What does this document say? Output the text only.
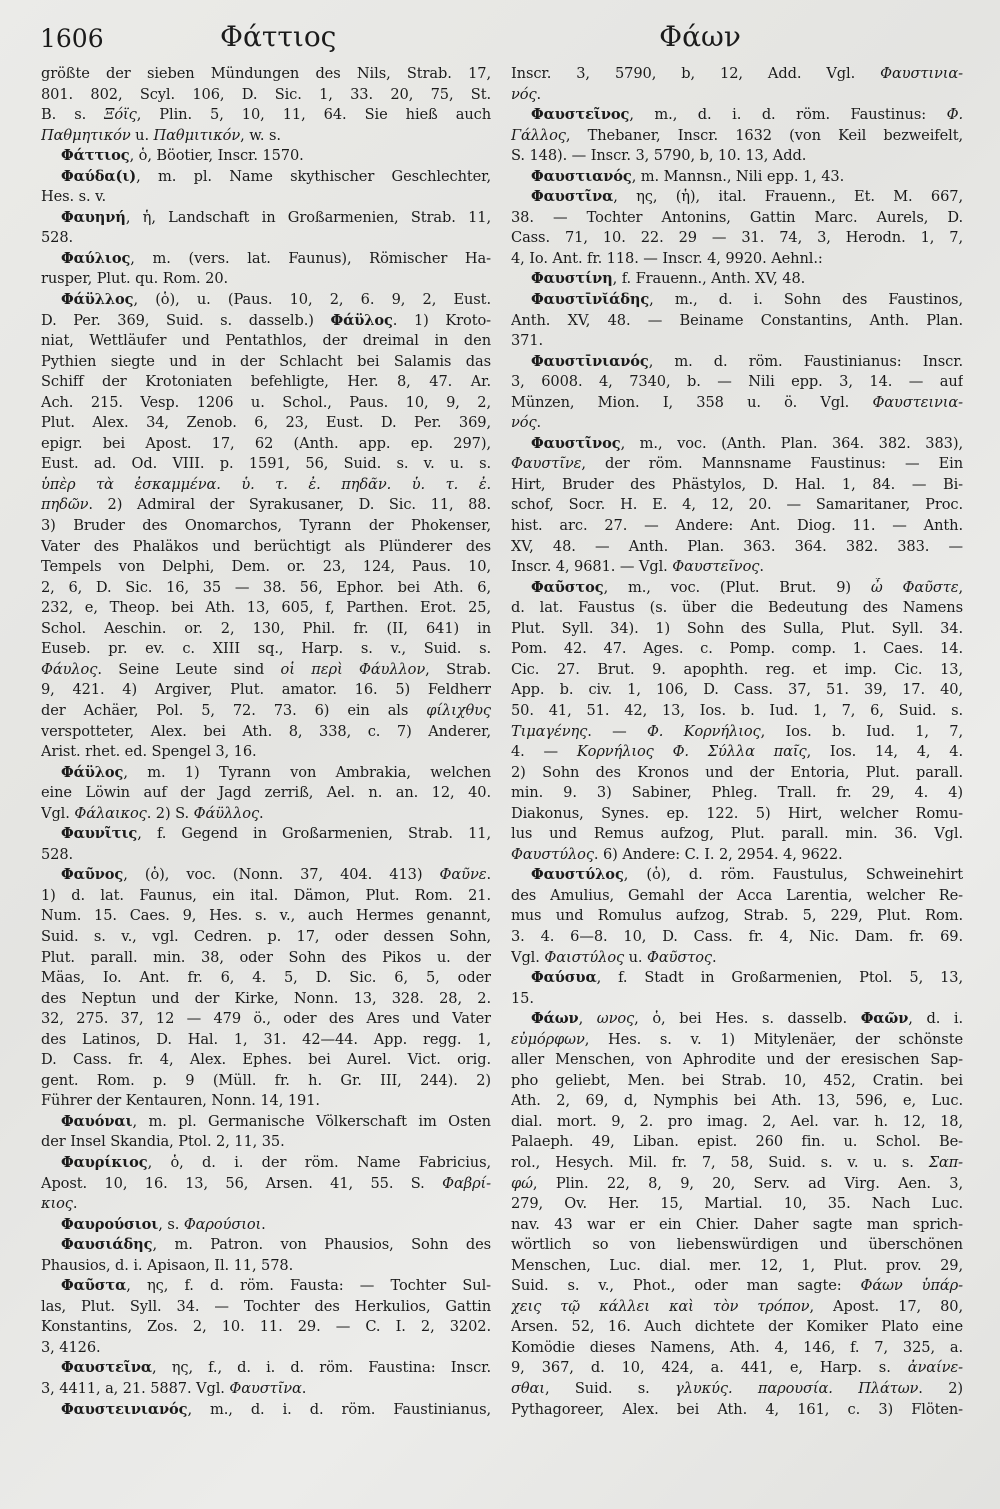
1606	Φάττιος	Φάων
größte der sieben Mündungen des Nils, Strab. 17,
801. 802, Scyl. 106, D. Sic. 1, 33. 20, 75, St.
B. s. Ξόϊς, Plin. 5, 10, 11, 64. Sie hieß auch
Παθμητικόν u. Παθμιτικόν, w. s.
Φάττιος, ὁ, Böotier, Inscr. 1570.
Φαύδα(ι), m. pl. Name skythischer Geschlechter,
Hes. s. v.
Φαυηνή, ἡ, Landschaft in Großarmenien, Strab. 11,
528.
Φαύλιος, m. (vers. lat. Faunus), Römischer Ha-
rusper, Plut. qu. Rom. 20.
Φάϋλλος, (ὁ), u. (Paus. 10, 2, 6. 9, 2, Eust.
D. Per. 369, Suid. s. dasselb.) Φάϋλος. 1) Kroto-
niat, Wettläufer und Pentathlos, der dreimal in den
Pythien siegte und in der Schlacht bei Salamis das
Schiff der Krotoniaten befehligte, Her. 8, 47. Ar.
Ach. 215. Vesp. 1206 u. Schol., Paus. 10, 9, 2,
Plut. Alex. 34, Zenob. 6, 23, Eust. D. Per. 369,
epigr. bei Apost. 17, 62 (Anth. app. ep. 297),
Eust. ad. Od. VIII. p. 1591, 56, Suid. s. v. u. s.
ὑπὲρ τὰ ἐσκαμμένα. ὑ. τ. ἐ. πηδᾶν. ὑ. τ. ἐ.
πηδῶν. 2) Admiral der Syrakusaner, D. Sic. 11, 88.
3) Bruder des Onomarchos, Tyrann der Phokenser,
Vater des Phaläkos und berüchtigt als Plünderer des
Tempels von Delphi, Dem. or. 23, 124, Paus. 10,
2, 6, D. Sic. 16, 35 — 38. 56, Ephor. bei Ath. 6,
232, e, Theop. bei Ath. 13, 605, f, Parthen. Erot. 25,
Schol. Aeschin. or. 2, 130, Phil. fr. (II, 641) in
Euseb. pr. ev. c. XIII sq., Harp. s. v., Suid. s.
Φάυλος. Seine Leute sind οἱ περὶ Φάυλλον, Strab.
9, 421. 4) Argiver, Plut. amator. 16. 5) Feldherr
der Achäer, Pol. 5, 72. 73. 6) ein als φίλιχθυς
verspotteter, Alex. bei Ath. 8, 338, c. 7) Anderer,
Arist. rhet. ed. Spengel 3, 16.
Φάϋλος, m. 1) Tyrann von Ambrakia, welchen
eine Löwin auf der Jagd zerriß, Ael. n. an. 12, 40.
Vgl. Φάλαικος. 2) S. Φάϋλλος.
Φαυνῖτις, f. Gegend in Großarmenien, Strab. 11,
528.
Φαῦνος, (ὁ), voc. (Nonn. 37, 404. 413) Φαῦνε.
1) d. lat. Faunus, ein ital. Dämon, Plut. Rom. 21.
Num. 15. Caes. 9, Hes. s. v., auch Hermes genannt,
Suid. s. v., vgl. Cedren. p. 17, oder dessen Sohn,
Plut. parall. min. 38, oder Sohn des Pikos u. der
Mäas, Io. Ant. fr. 6, 4. 5, D. Sic. 6, 5, oder
des Neptun und der Kirke, Nonn. 13, 328. 28, 2.
32, 275. 37, 12 — 479 ö., oder des Ares und Vater
des Latinos, D. Hal. 1, 31. 42—44. App. regg. 1,
D. Cass. fr. 4, Alex. Ephes. bei Aurel. Vict. orig.
gent. Rom. p. 9 (Müll. fr. h. Gr. III, 244). 2)
Führer der Kentauren, Nonn. 14, 191.
Φαυόναι, m. pl. Germanische Völkerschaft im Osten
der Insel Skandia, Ptol. 2, 11, 35.
Φαυρίκιος, ὁ, d. i. der röm. Name Fabricius,
Apost. 10, 16. 13, 56, Arsen. 41, 55. S. Φαβρί-
κιος.
Φαυρούσιοι, s. Φαρούσιοι.
Φαυσιάδης, m. Patron. von Phausios, Sohn des
Phausios, d. i. Apisaon, Il. 11, 578.
Φαῦστα, ης, f. d. röm. Fausta: — Tochter Sul-
las, Plut. Syll. 34. — Tochter des Herkulios, Gattin
Konstantins, Zos. 2, 10. 11. 29. — C. I. 2, 3202.
3, 4126.
Φαυστεῖνα, ης, f., d. i. d. röm. Faustina: Inscr.
3, 4411, a, 21. 5887. Vgl. Φαυστῖνα.
Φαυστεινιανός, m., d. i. d. röm. Faustinianus,
Inscr. 3, 5790, b, 12, Add. Vgl. Φαυστινια-
νός.
Φαυστεῖνος, m., d. i. d. röm. Faustinus: Φ.
Γάλλος, Thebaner, Inscr. 1632 (von Keil bezweifelt,
S. 148). — Inscr. 3, 5790, b, 10. 13, Add.
Φαυστιανός, m. Mannsn., Nili epp. 1, 43.
Φαυστῖνα, ης, (ἡ), ital. Frauenn., Et. M. 667,
38. — Tochter Antonins, Gattin Marc. Aurels, D.
Cass. 71, 10. 22. 29 — 31. 74, 3, Herodn. 1, 7,
4, Io. Ant. fr. 118. — Inscr. 4, 9920. Aehnl.:
Φαυστίνη, f. Frauenn., Anth. XV, 48.
Φαυστῑνῐάδης, m., d. i. Sohn des Faustinos,
Anth. XV, 48. — Beiname Constantins, Anth. Plan.
371.
Φαυστῑνιανός, m. d. röm. Faustinianus: Inscr.
3, 6008. 4, 7340, b. — Nili epp. 3, 14. — auf
Münzen, Mion. I, 358 u. ö. Vgl. Φαυστεινια-
νός.
Φαυστῖνος, m., voc. (Anth. Plan. 364. 382. 383),
Φαυστῖνε, der röm. Mannsname Faustinus: — Ein
Hirt, Bruder des Phästylos, D. Hal. 1, 84. — Bi-
schof, Socr. H. E. 4, 12, 20. — Samaritaner, Proc.
hist. arc. 27. — Andere: Ant. Diog. 11. — Anth.
XV, 48. — Anth. Plan. 363. 364. 382. 383. —
Inscr. 4, 9681. — Vgl. Φαυστεῖνος.
Φαῦστος, m., voc. (Plut. Brut. 9) ὦ Φαῦστε,
d. lat. Faustus (s. über die Bedeutung des Namens
Plut. Syll. 34). 1) Sohn des Sulla, Plut. Syll. 34.
Pom. 42. 47. Ages. c. Pomp. comp. 1. Caes. 14.
Cic. 27. Brut. 9. apophth. reg. et imp. Cic. 13,
App. b. civ. 1, 106, D. Cass. 37, 51. 39, 17. 40,
50. 41, 51. 42, 13, Ios. b. Iud. 1, 7, 6, Suid. s.
Τιμαγένης. — Φ. Κορνήλιος, Ios. b. Iud. 1, 7,
4. — Κορνήλιος Φ. Σύλλα παῖς, Ios. 14, 4, 4.
2) Sohn des Kronos und der Entoria, Plut. parall.
min. 9. 3) Sabiner, Phleg. Trall. fr. 29, 4. 4)
Diakonus, Synes. ep. 122. 5) Hirt, welcher Romu-
lus und Remus aufzog, Plut. parall. min. 36. Vgl.
Φαυστύλος. 6) Andere: C. I. 2, 2954. 4, 9622.
Φαυστύλος, (ὁ), d. röm. Faustulus, Schweinehirt
des Amulius, Gemahl der Acca Larentia, welcher Re-
mus und Romulus aufzog, Strab. 5, 229, Plut. Rom.
3. 4. 6—8. 10, D. Cass. fr. 4, Nic. Dam. fr. 69.
Vgl. Φαιστύλος u. Φαῦστος.
Φαύσυα, f. Stadt in Großarmenien, Ptol. 5, 13,
15.
Φάων, ωνος, ὁ, bei Hes. s. dasselb. Φαῶν, d. i.
εὐμόρφων, Hes. s. v. 1) Mitylenäer, der schönste
aller Menschen, von Aphrodite und der eresischen Sap-
pho geliebt, Men. bei Strab. 10, 452, Cratin. bei
Ath. 2, 69, d, Nymphis bei Ath. 13, 596, e, Luc.
dial. mort. 9, 2. pro imag. 2, Ael. var. h. 12, 18,
Palaeph. 49, Liban. epist. 260 fin. u. Schol. Be-
rol., Hesych. Mil. fr. 7, 58, Suid. s. v. u. s. Σαπ-
φώ, Plin. 22, 8, 9, 20, Serv. ad Virg. Aen. 3,
279, Ov. Her. 15, Martial. 10, 35. Nach Luc.
nav. 43 war er ein Chier. Daher sagte man sprich-
wörtlich so von liebenswürdigen und überschönen
Menschen, Luc. dial. mer. 12, 1, Plut. prov. 29,
Suid. s. v., Phot., oder man sagte: Φάων ὑπάρ-
χεις τῷ κάλλει καὶ τὸν τρόπον, Apost. 17, 80,
Arsen. 52, 16. Auch dichtete der Komiker Plato eine
Komödie dieses Namens, Ath. 4, 146, f. 7, 325, a.
9, 367, d. 10, 424, a. 441, e, Harp. s. ἀναίνε-
σθαι, Suid. s. γλυκύς. παρουσία. Πλάτων. 2)
Pythagoreer, Alex. bei Ath. 4, 161, c. 3) Flöten-
